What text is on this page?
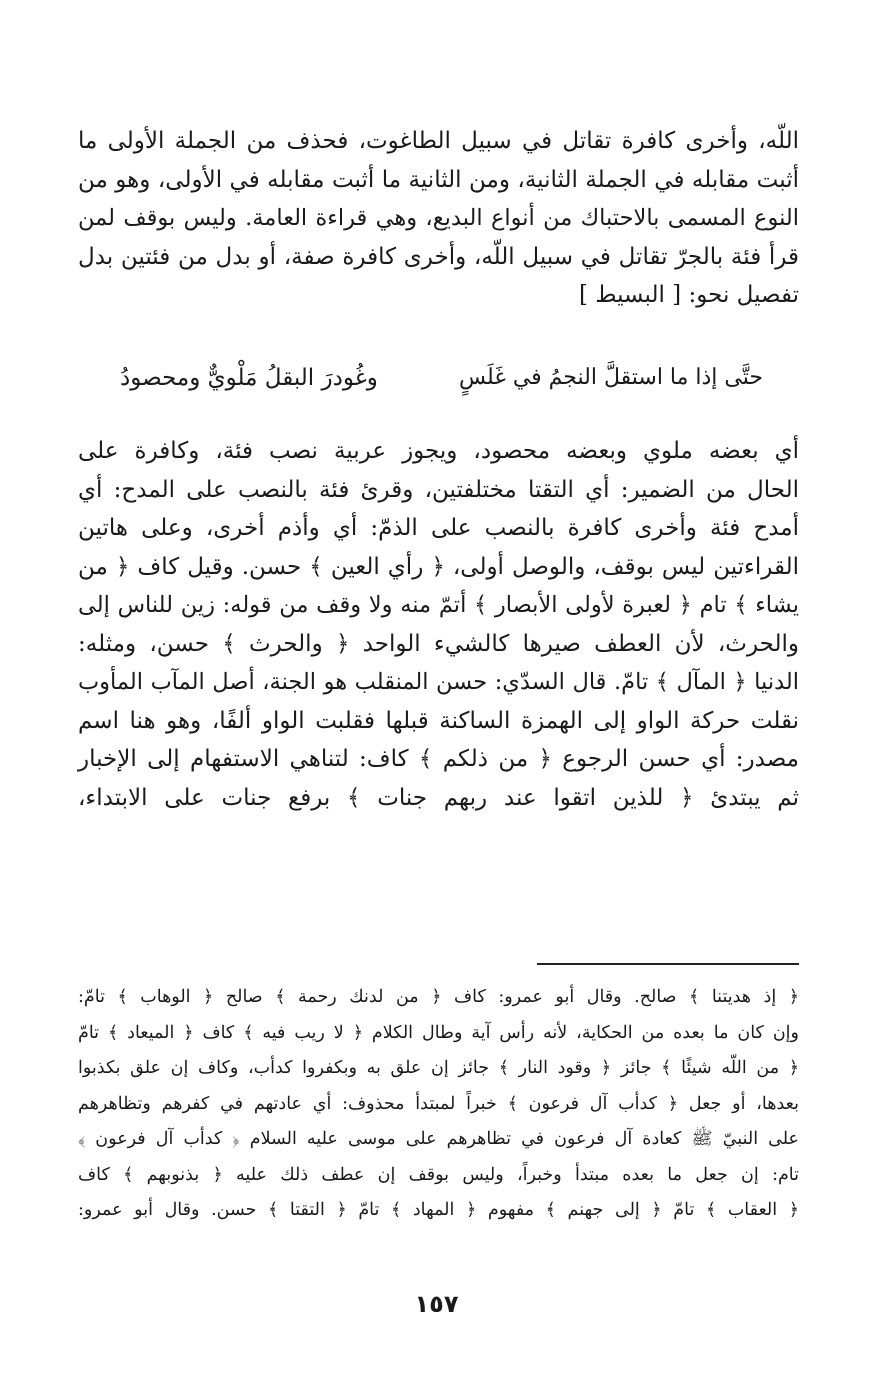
اللّه، وأخرى كافرة تقاتل في سبيل الطاغوت، فحذف من الجملة الأولى ما
أثبت مقابله في الجملة الثانية، ومن الثانية ما أثبت مقابله في الأولى، وهو من
النوع المسمى بالاحتباك من أنواع البديع، وهي قراءة العامة. وليس بوقف لمن
قرأ فئة بالجرّ تقاتل في سبيل اللّه، وأخرى كافرة صفة، أو بدل من فئتين بدل
تفصيل نحو: [ البسيط ]
حتَّى إذا ما استقلَّ النجمُ في غَلَسٍ
وغُودرَ البقلُ مَلْويٌّ ومحصودُ
أي بعضه ملوي وبعضه محصود، ويجوز عربية نصب فئة، وكافرة على
الحال من الضمير: أي التقتا مختلفتين، وقرئ فئة بالنصب على المدح: أي
أمدح فئة وأخرى كافرة بالنصب على الذمّ: أي وأذم أخرى، وعلى هاتين
القراءتين ليس بوقف، والوصل أولى، ﴿ رأي العين ﴾ حسن. وقيل كاف ﴿ من
يشاء ﴾ تام ﴿ لعبرة لأولى الأبصار ﴾ أتمّ منه ولا وقف من قوله: زين للناس إلى
والحرث، لأن العطف صيرها كالشيء الواحد ﴿ والحرث ﴾ حسن، ومثله:
الدنيا ﴿ المآل ﴾ تامّ. قال السدّي: حسن المنقلب هو الجنة، أصل المآب المأوب
نقلت حركة الواو إلى الهمزة الساكنة قبلها فقلبت الواو ألفًا، وهو هنا اسم
مصدر: أي حسن الرجوع ﴿ من ذلكم ﴾ كاف: لتناهي الاستفهام إلى الإخبار
ثم يبتدئ ﴿ للذين اتقوا عند ربهم جنات ﴾ برفع جنات على الابتداء،
﴿ إذ هديتنا ﴾ صالح. وقال أبو عمرو: كاف ﴿ من لدنك رحمة ﴾ صالح ﴿ الوهاب ﴾ تامّ:
وإن كان ما بعده من الحكاية، لأنه رأس آية وطال الكلام ﴿ لا ريب فيه ﴾ كاف ﴿ الميعاد ﴾ تامّ
﴿ من اللّه شيئًا ﴾ جائز ﴿ وقود النار ﴾ جائز إن علق به وبكفروا كدأب، وكاف إن علق بكذبوا
بعدها، أو جعل ﴿ كدأب آل فرعون ﴾ خبراً لمبتدأ محذوف: أي عادتهم في كفرهم وتظاهرهم
على النبيّ ﷺ كعادة آل فرعون في تظاهرهم على موسى عليه السلام ﴿ كدأب آل فرعون ﴾
تام: إن جعل ما بعده مبتدأ وخبراً، وليس بوقف إن عطف ذلك عليه ﴿ بذنوبهم ﴾ كاف
﴿ العقاب ﴾ تامّ ﴿ إلى جهنم ﴾ مفهوم ﴿ المهاد ﴾ تامّ ﴿ التقتا ﴾ حسن. وقال أبو عمرو:
١٥٧
